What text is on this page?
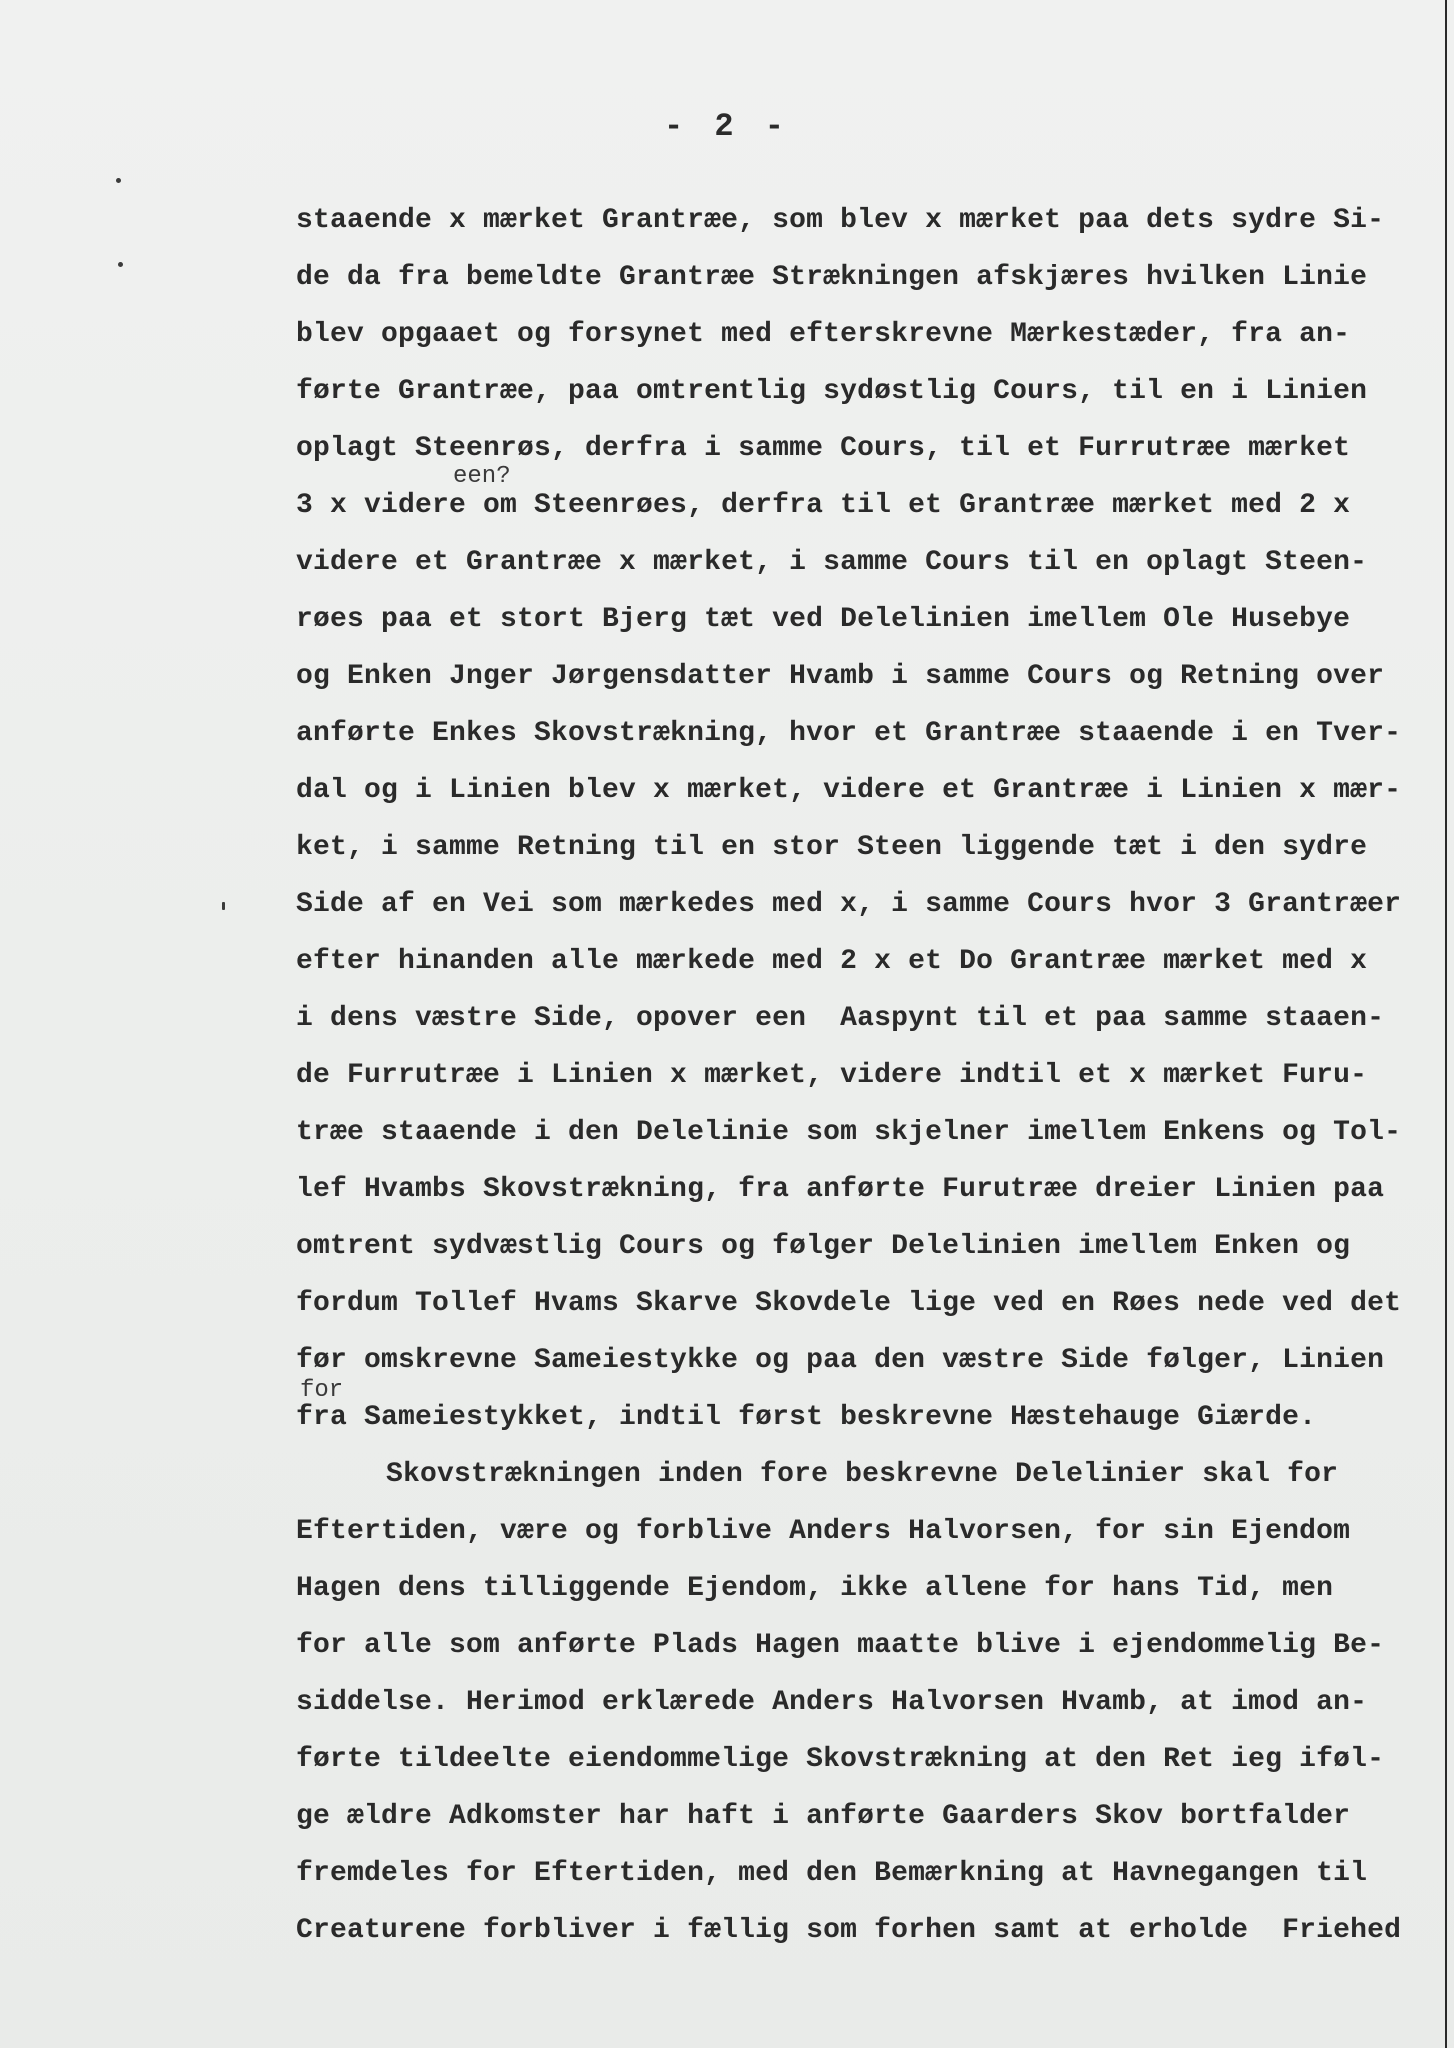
- 2 -
een?
for
staaende x mærket Grantræe, som blev x mærket paa dets sydre Si-
de da fra bemeldte Grantræe Strækningen afskjæres hvilken Linie
blev opgaaet og forsynet med efterskrevne Mærkestæder, fra an-
førte Grantræe, paa omtrentlig sydøstlig Cours, til en i Linien
oplagt Steenrøs, derfra i samme Cours, til et Furrutræe mærket
3 x videre om Steenrøes, derfra til et Grantræe mærket med 2 x
videre et Grantræe x mærket, i samme Cours til en oplagt Steen-
røes paa et stort Bjerg tæt ved Delelinien imellem Ole Husebye
og Enken Jnger Jørgensdatter Hvamb i samme Cours og Retning over
anførte Enkes Skovstrækning, hvor et Grantræe staaende i en Tver-
dal og i Linien blev x mærket, videre et Grantræe i Linien x mær-
ket, i samme Retning til en stor Steen liggende tæt i den sydre
Side af en Vei som mærkedes med x, i samme Cours hvor 3 Grantræer
efter hinanden alle mærkede med 2 x et Do Grantræe mærket med x
i dens væstre Side, opover een  Aaspynt til et paa samme staaen-
de Furrutræe i Linien x mærket, videre indtil et x mærket Furu-
træe staaende i den Delelinie som skjelner imellem Enkens og Tol-
lef Hvambs Skovstrækning, fra anførte Furutræe dreier Linien paa
omtrent sydvæstlig Cours og følger Delelinien imellem Enken og
fordum Tollef Hvams Skarve Skovdele lige ved en Røes nede ved det
før omskrevne Sameiestykke og paa den væstre Side følger, Linien
fra Sameiestykket, indtil først beskrevne Hæstehauge Giærde.
Skovstrækningen inden fore beskrevne Delelinier skal for
Eftertiden, være og forblive Anders Halvorsen, for sin Ejendom
Hagen dens tilliggende Ejendom, ikke allene for hans Tid, men
for alle som anførte Plads Hagen maatte blive i ejendommelig Be-
siddelse. Herimod erklærede Anders Halvorsen Hvamb, at imod an-
førte tildeelte eiendommelige Skovstrækning at den Ret ieg iføl-
ge ældre Adkomster har haft i anførte Gaarders Skov bortfalder
fremdeles for Eftertiden, med den Bemærkning at Havnegangen til
Creaturene forbliver i fællig som forhen samt at erholde  Friehed
